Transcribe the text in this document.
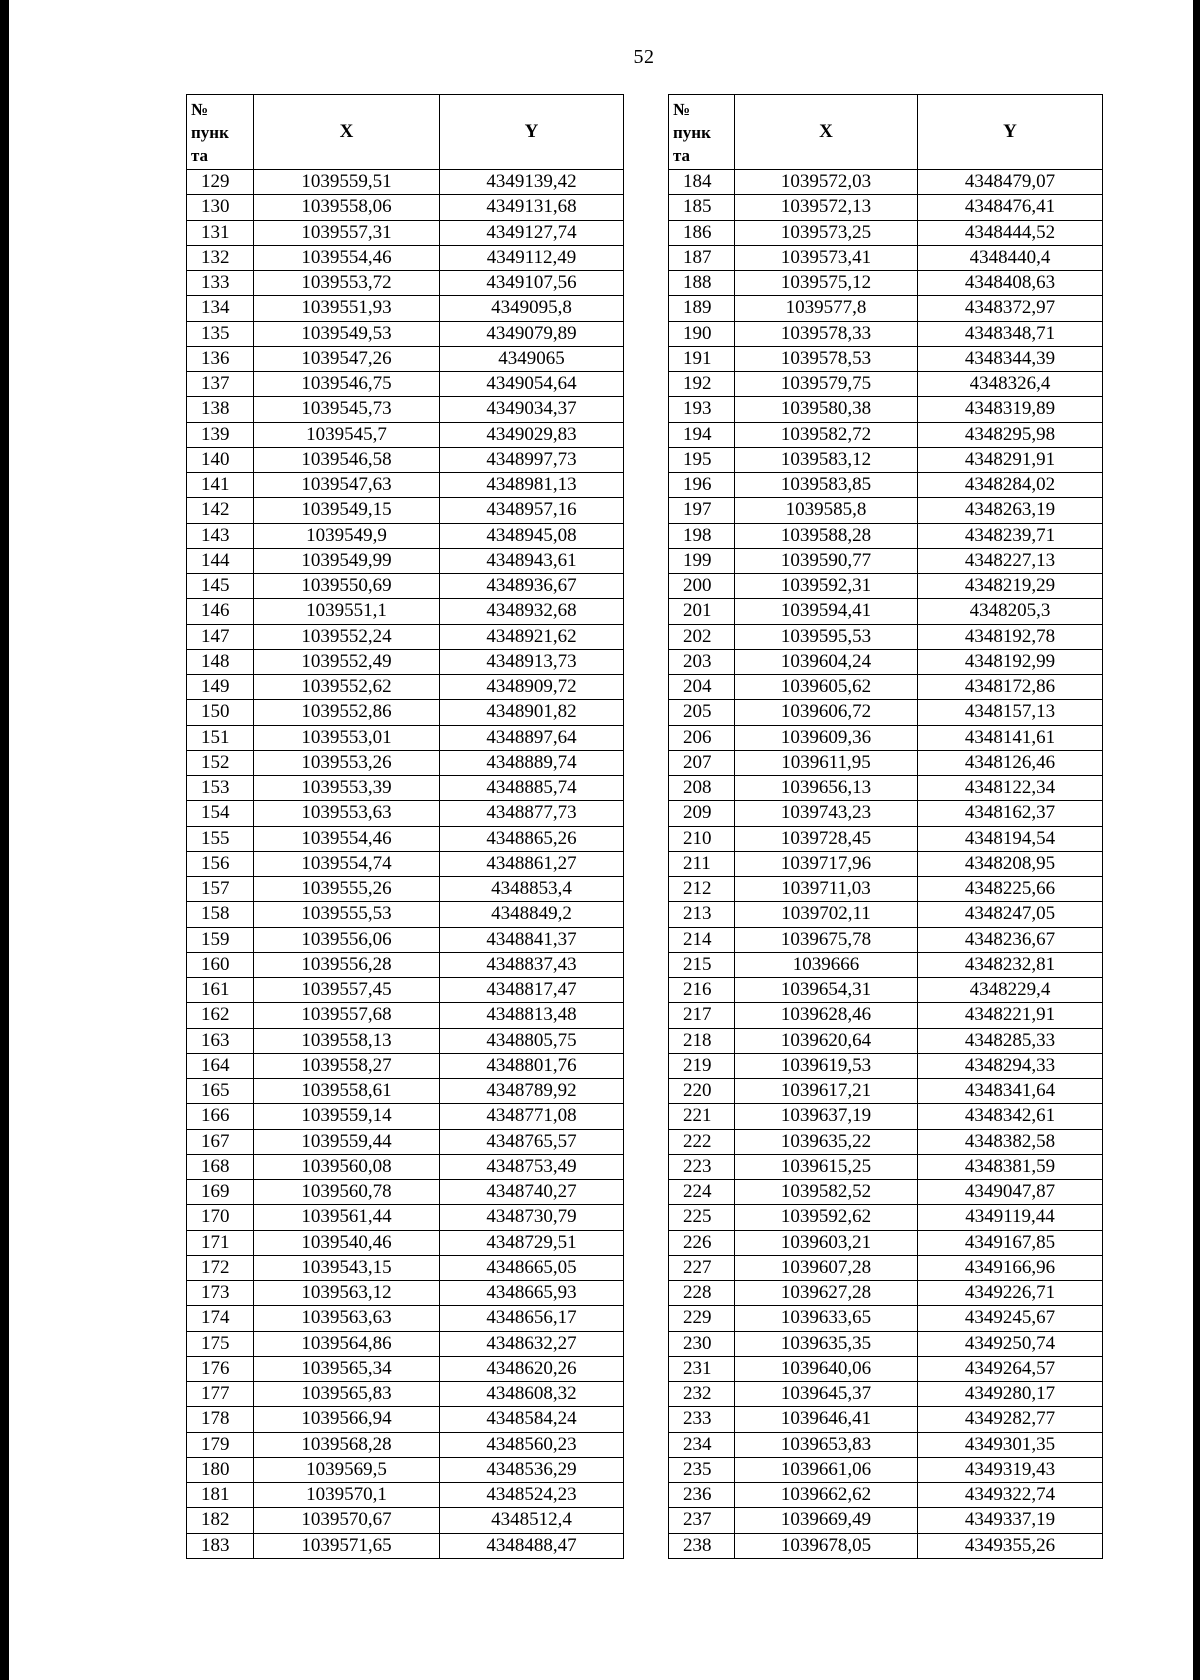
52
№
пунк
та	X	Y
129	1039559,51	4349139,42
130	1039558,06	4349131,68
131	1039557,31	4349127,74
132	1039554,46	4349112,49
133	1039553,72	4349107,56
134	1039551,93	4349095,8
135	1039549,53	4349079,89
136	1039547,26	4349065
137	1039546,75	4349054,64
138	1039545,73	4349034,37
139	1039545,7	4349029,83
140	1039546,58	4348997,73
141	1039547,63	4348981,13
142	1039549,15	4348957,16
143	1039549,9	4348945,08
144	1039549,99	4348943,61
145	1039550,69	4348936,67
146	1039551,1	4348932,68
147	1039552,24	4348921,62
148	1039552,49	4348913,73
149	1039552,62	4348909,72
150	1039552,86	4348901,82
151	1039553,01	4348897,64
152	1039553,26	4348889,74
153	1039553,39	4348885,74
154	1039553,63	4348877,73
155	1039554,46	4348865,26
156	1039554,74	4348861,27
157	1039555,26	4348853,4
158	1039555,53	4348849,2
159	1039556,06	4348841,37
160	1039556,28	4348837,43
161	1039557,45	4348817,47
162	1039557,68	4348813,48
163	1039558,13	4348805,75
164	1039558,27	4348801,76
165	1039558,61	4348789,92
166	1039559,14	4348771,08
167	1039559,44	4348765,57
168	1039560,08	4348753,49
169	1039560,78	4348740,27
170	1039561,44	4348730,79
171	1039540,46	4348729,51
172	1039543,15	4348665,05
173	1039563,12	4348665,93
174	1039563,63	4348656,17
175	1039564,86	4348632,27
176	1039565,34	4348620,26
177	1039565,83	4348608,32
178	1039566,94	4348584,24
179	1039568,28	4348560,23
180	1039569,5	4348536,29
181	1039570,1	4348524,23
182	1039570,67	4348512,4
183	1039571,65	4348488,47
№
пунк
та	X	Y
184	1039572,03	4348479,07
185	1039572,13	4348476,41
186	1039573,25	4348444,52
187	1039573,41	4348440,4
188	1039575,12	4348408,63
189	1039577,8	4348372,97
190	1039578,33	4348348,71
191	1039578,53	4348344,39
192	1039579,75	4348326,4
193	1039580,38	4348319,89
194	1039582,72	4348295,98
195	1039583,12	4348291,91
196	1039583,85	4348284,02
197	1039585,8	4348263,19
198	1039588,28	4348239,71
199	1039590,77	4348227,13
200	1039592,31	4348219,29
201	1039594,41	4348205,3
202	1039595,53	4348192,78
203	1039604,24	4348192,99
204	1039605,62	4348172,86
205	1039606,72	4348157,13
206	1039609,36	4348141,61
207	1039611,95	4348126,46
208	1039656,13	4348122,34
209	1039743,23	4348162,37
210	1039728,45	4348194,54
211	1039717,96	4348208,95
212	1039711,03	4348225,66
213	1039702,11	4348247,05
214	1039675,78	4348236,67
215	1039666	4348232,81
216	1039654,31	4348229,4
217	1039628,46	4348221,91
218	1039620,64	4348285,33
219	1039619,53	4348294,33
220	1039617,21	4348341,64
221	1039637,19	4348342,61
222	1039635,22	4348382,58
223	1039615,25	4348381,59
224	1039582,52	4349047,87
225	1039592,62	4349119,44
226	1039603,21	4349167,85
227	1039607,28	4349166,96
228	1039627,28	4349226,71
229	1039633,65	4349245,67
230	1039635,35	4349250,74
231	1039640,06	4349264,57
232	1039645,37	4349280,17
233	1039646,41	4349282,77
234	1039653,83	4349301,35
235	1039661,06	4349319,43
236	1039662,62	4349322,74
237	1039669,49	4349337,19
238	1039678,05	4349355,26
